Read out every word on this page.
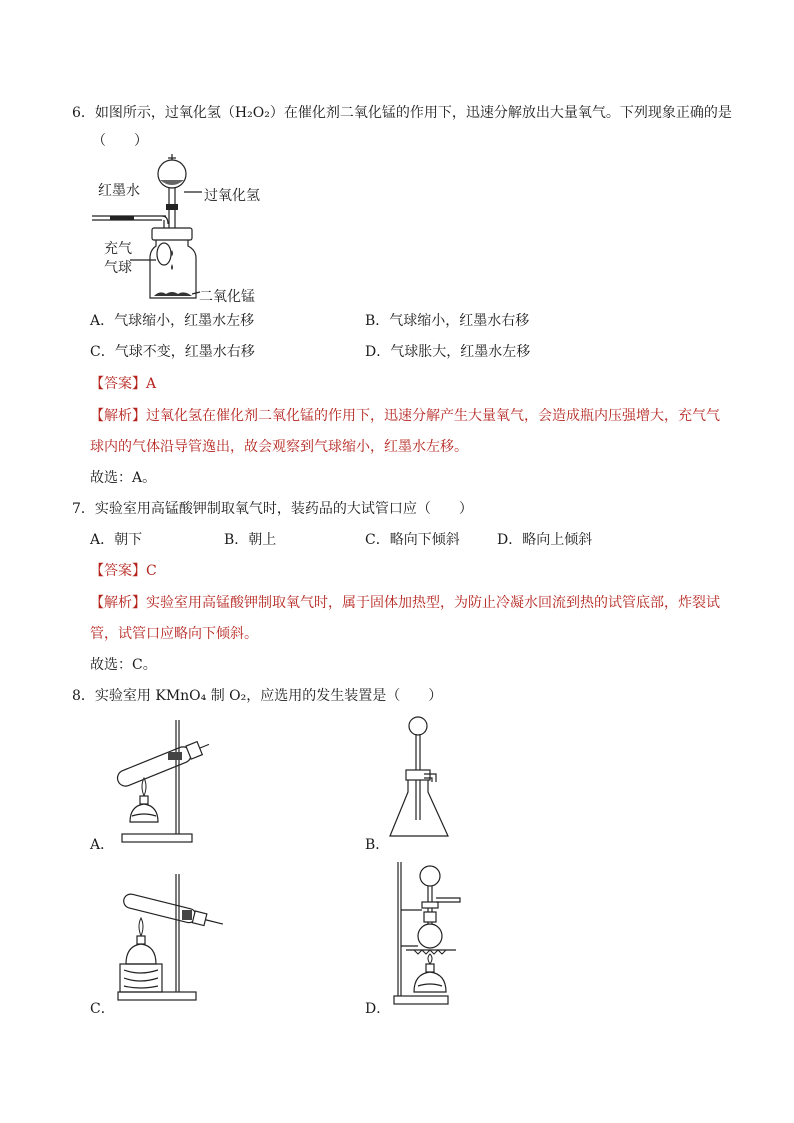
6．如图所示，过氧化氢（H₂O₂）在催化剂二氧化锰的作用下，迅速分解放出大量氧气。下列现象正确的是
（　　）
红墨水	过氧化氢
充气
气球
二氧化锰
A．气球缩小，红墨水左移	B．气球缩小，红墨水右移
C．气球不变，红墨水右移	D．气球胀大，红墨水左移
【答案】A
【解析】过氧化氢在催化剂二氧化锰的作用下，迅速分解产生大量氧气，会造成瓶内压强增大，充气气
球内的气体沿导管逸出，故会观察到气球缩小，红墨水左移。
故选：A。
7．实验室用高锰酸钾制取氧气时，装药品的大试管口应（　　）
A．朝下	B．朝上	C．略向下倾斜	D．略向上倾斜
【答案】C
【解析】实验室用高锰酸钾制取氧气时，属于固体加热型，为防止冷凝水回流到热的试管底部，炸裂试
管，试管口应略向下倾斜。
故选：C。
8．实验室用 KMnO₄ 制 O₂，应选用的发生装置是（　　）
A．	B．
C．	D．
